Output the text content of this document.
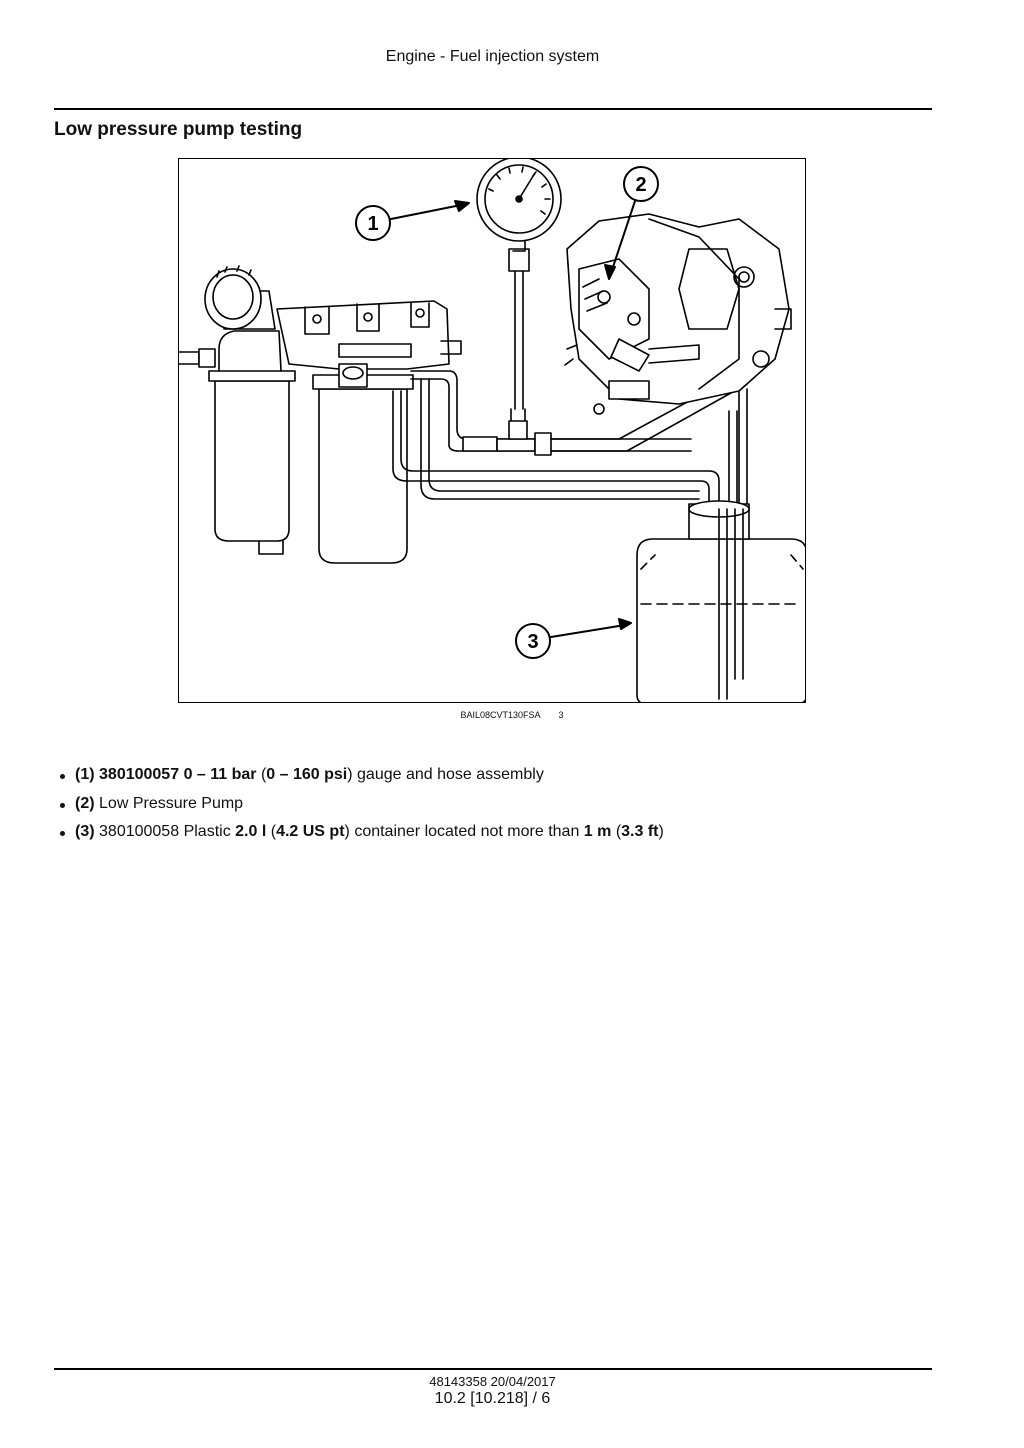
Engine - Fuel injection system
Low pressure pump testing
1
2
3
BAIL08CVT130FSA 3
(1) 380100057 0 – 11 bar (0 – 160 psi) gauge and hose assembly
(2) Low Pressure Pump
(3) 380100058 Plastic 2.0 l (4.2 US pt) container located not more than 1 m (3.3 ft)
48143358 20/04/2017
10.2 [10.218] / 6
